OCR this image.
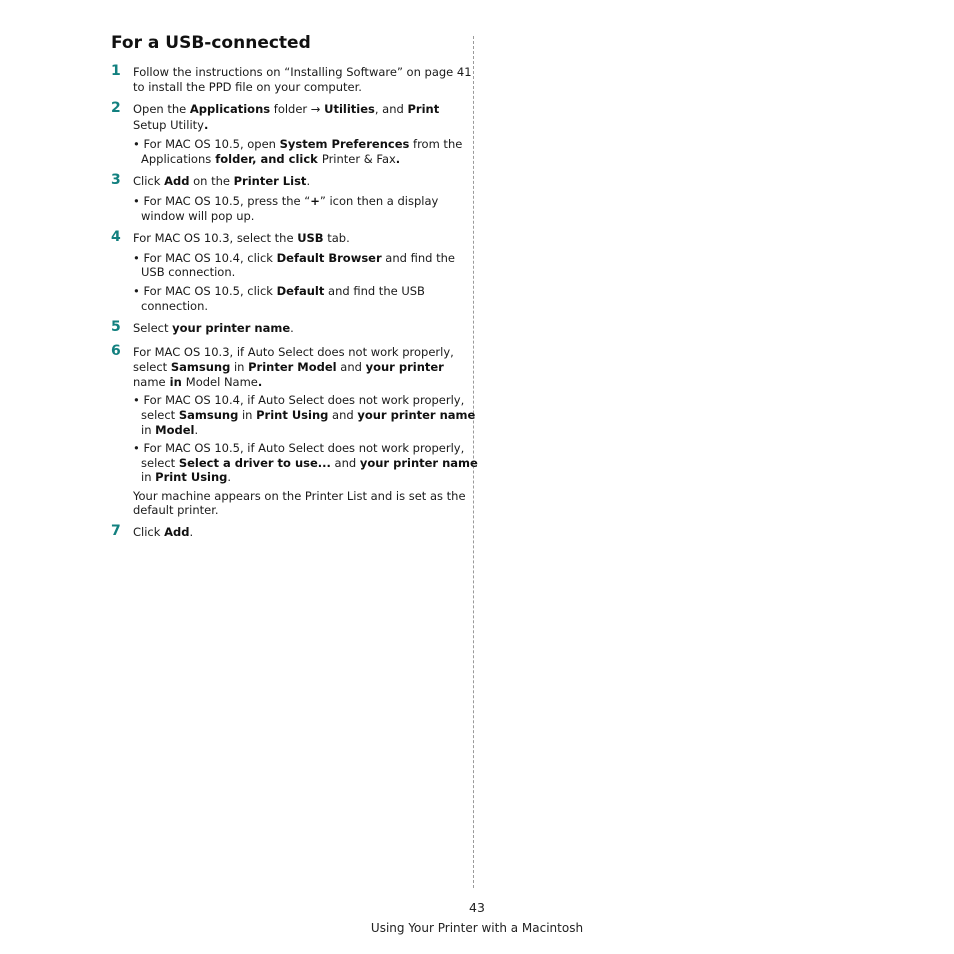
For a USB-connected
1
2
3
4
5
6
7
Follow the instructions on “Installing Software” on page 41
to install the PPD file on your computer.
Open the Applications folder → Utilities, and Print
Setup Utility.
• For MAC OS 10.5, open System Preferences from the
Applications folder, and click Printer & Fax.
Click Add on the Printer List.
• For MAC OS 10.5, press the “+” icon then a display
window will pop up.
For MAC OS 10.3, select the USB tab.
• For MAC OS 10.4, click Default Browser and find the
USB connection.
• For MAC OS 10.5, click Default and find the USB
connection.
Select your printer name.
For MAC OS 10.3, if Auto Select does not work properly,
select Samsung in Printer Model and your printer
name in Model Name.
• For MAC OS 10.4, if Auto Select does not work properly,
select Samsung in Print Using and your printer name
in Model.
• For MAC OS 10.5, if Auto Select does not work properly,
select Select a driver to use... and your printer name
in Print Using.
Your machine appears on the Printer List and is set as the
default printer.
Click Add.
43
Using Your Printer with a Macintosh
